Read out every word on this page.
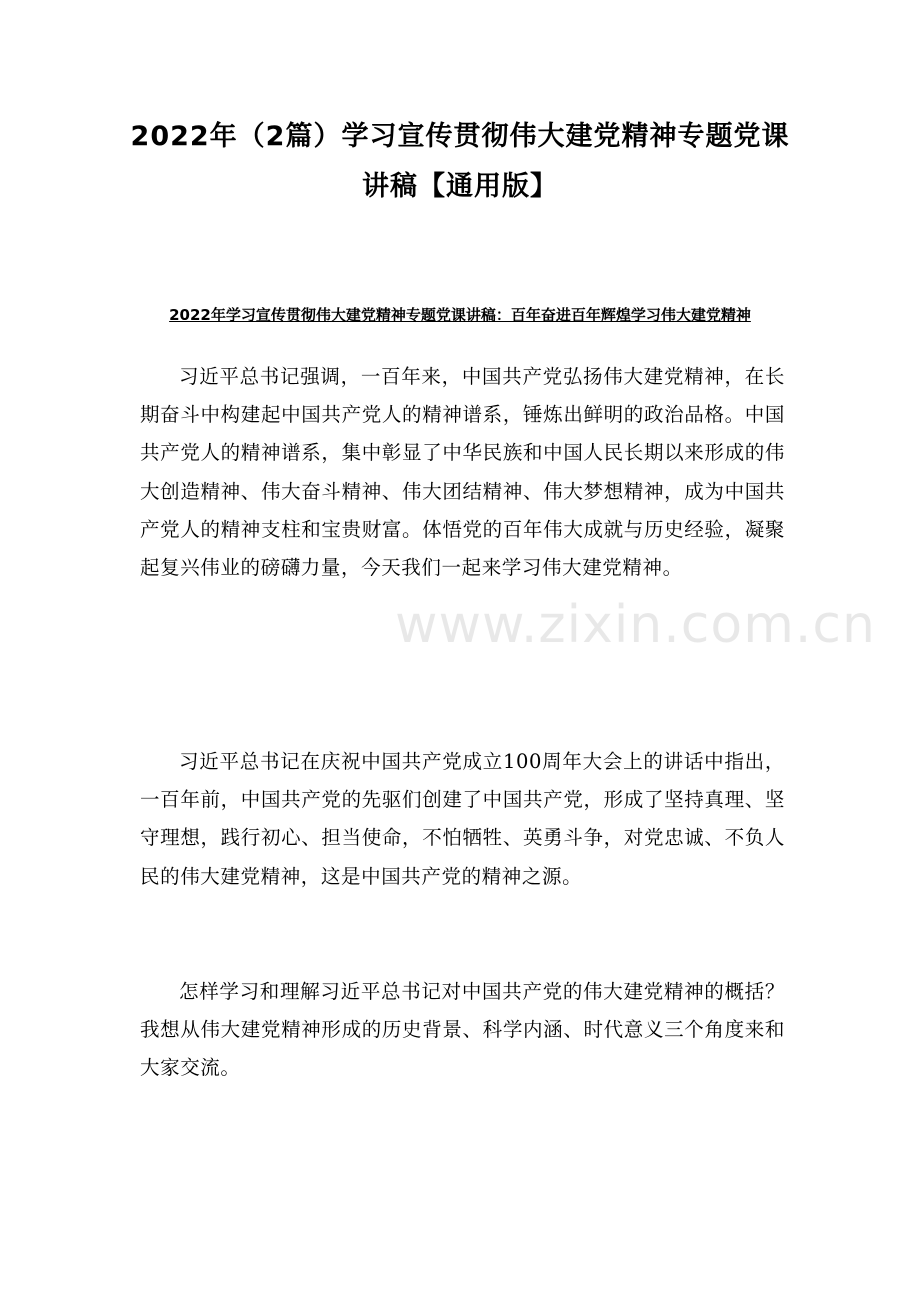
2022年（2篇）学习宣传贯彻伟大建党精神专题党课讲稿【通用版】
2022年学习宣传贯彻伟大建党精神专题党课讲稿：百年奋进百年辉煌学习伟大建党精神

习近平总书记强调，一百年来，中国共产党弘扬伟大建党精神，在长期奋斗中构建起中国共产党人的精神谱系，锤炼出鲜明的政治品格。中国共产党人的精神谱系，集中彰显了中华民族和中国人民长期以来形成的伟大创造精神、伟大奋斗精神、伟大团结精神、伟大梦想精神，成为中国共产党人的精神支柱和宝贵财富。体悟党的百年伟大成就与历史经验，凝聚起复兴伟业的磅礴力量，今天我们一起来学习伟大建党精神。

习近平总书记在庆祝中国共产党成立100周年大会上的讲话中指出，一百年前，中国共产党的先驱们创建了中国共产党，形成了坚持真理、坚守理想，践行初心、担当使命，不怕牺牲、英勇斗争，对党忠诚、不负人民的伟大建党精神，这是中国共产党的精神之源。

怎样学习和理解习近平总书记对中国共产党的伟大建党精神的概括？我想从伟大建党精神形成的历史背景、科学内涵、时代意义三个角度来和大家交流。

www.zixin.com.cn
